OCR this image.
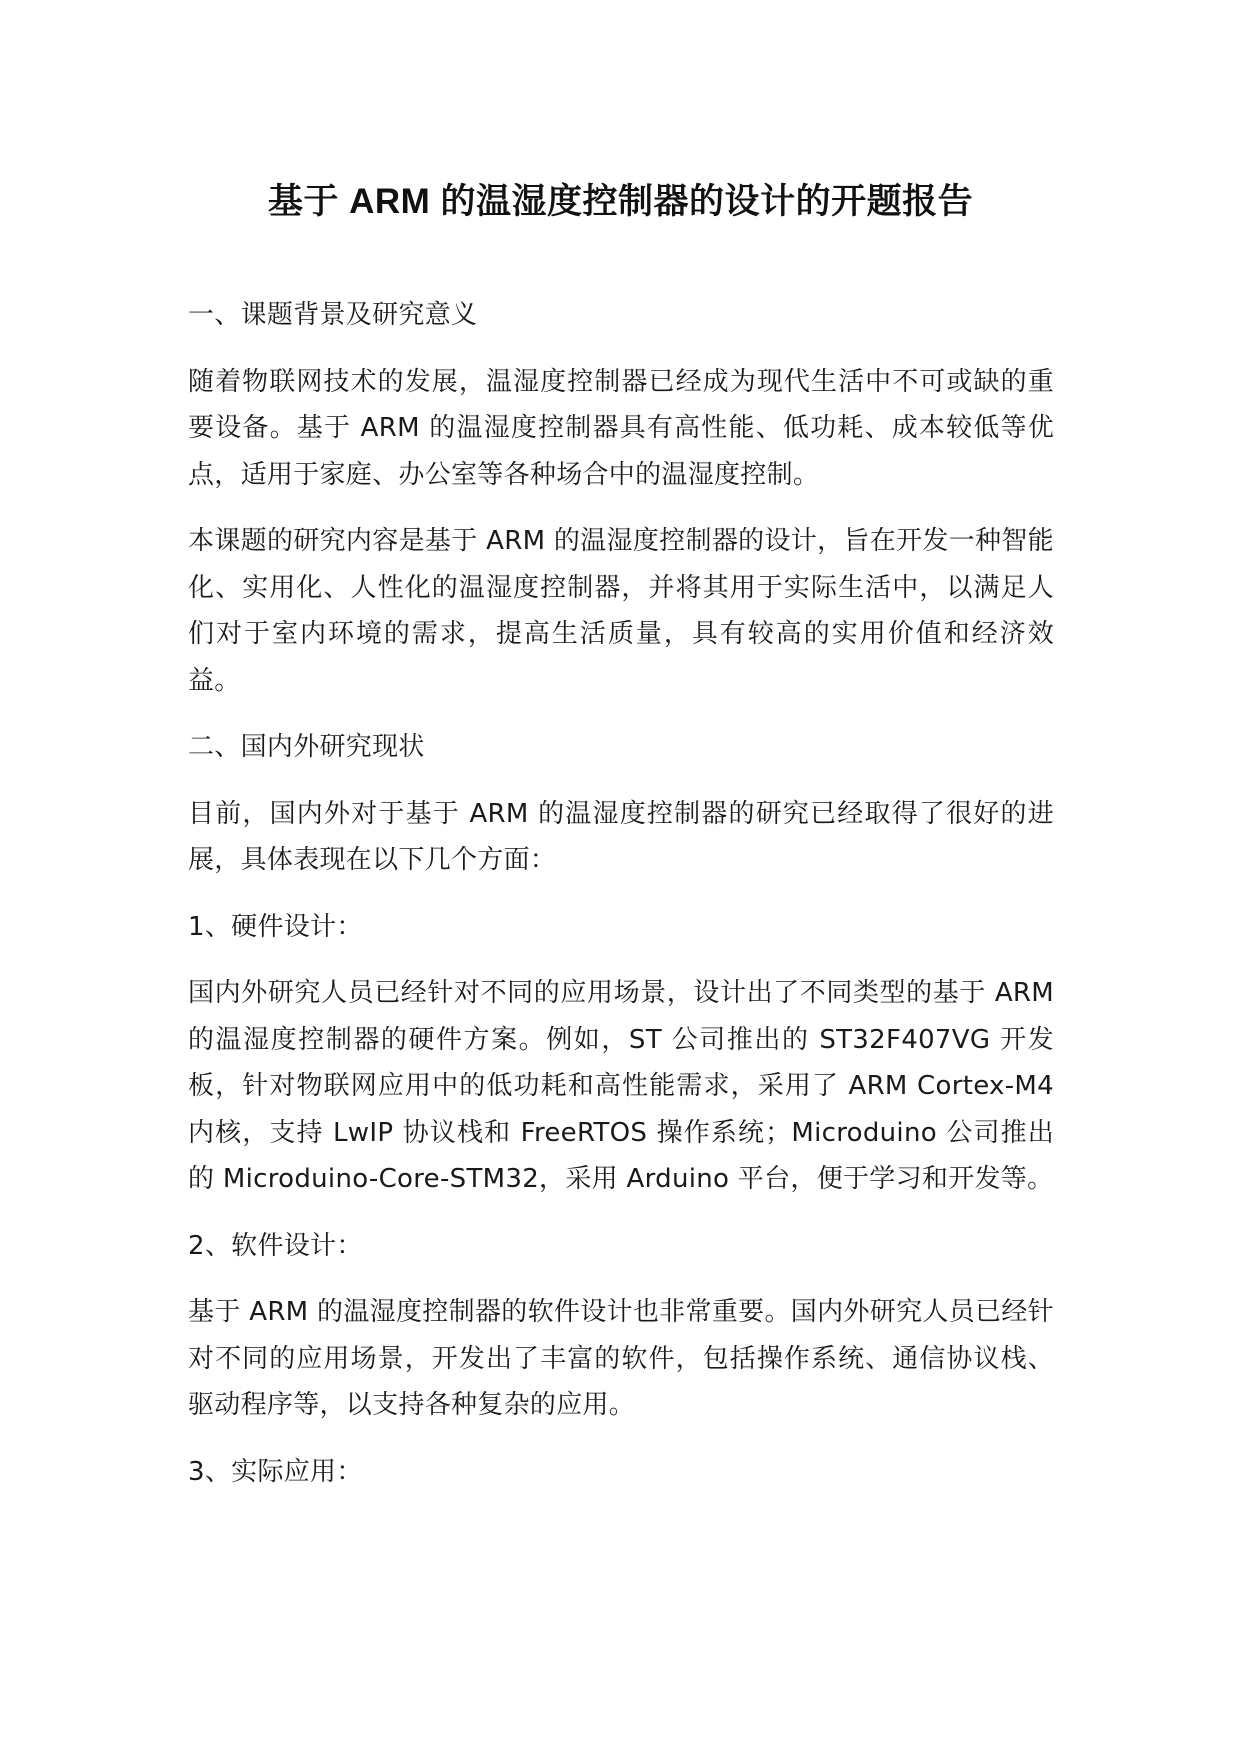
基于 ARM 的温湿度控制器的设计的开题报告

一、课题背景及研究意义

随着物联网技术的发展，温湿度控制器已经成为现代生活中不可或缺的重要设备。基于 ARM 的温湿度控制器具有高性能、低功耗、成本较低等优点，适用于家庭、办公室等各种场合中的温湿度控制。

本课题的研究内容是基于 ARM 的温湿度控制器的设计，旨在开发一种智能化、实用化、人性化的温湿度控制器，并将其用于实际生活中，以满足人们对于室内环境的需求，提高生活质量，具有较高的实用价值和经济效益。

二、国内外研究现状

目前，国内外对于基于 ARM 的温湿度控制器的研究已经取得了很好的进展，具体表现在以下几个方面：

1、硬件设计：

国内外研究人员已经针对不同的应用场景，设计出了不同类型的基于 ARM 的温湿度控制器的硬件方案。例如，ST 公司推出的 ST32F407VG 开发板，针对物联网应用中的低功耗和高性能需求，采用了 ARM Cortex-M4 内核，支持 LwIP 协议栈和 FreeRTOS 操作系统；Microduino 公司推出的 Microduino-Core-STM32，采用 Arduino 平台，便于学习和开发等。

2、软件设计：

基于 ARM 的温湿度控制器的软件设计也非常重要。国内外研究人员已经针对不同的应用场景，开发出了丰富的软件，包括操作系统、通信协议栈、驱动程序等，以支持各种复杂的应用。

3、实际应用：
